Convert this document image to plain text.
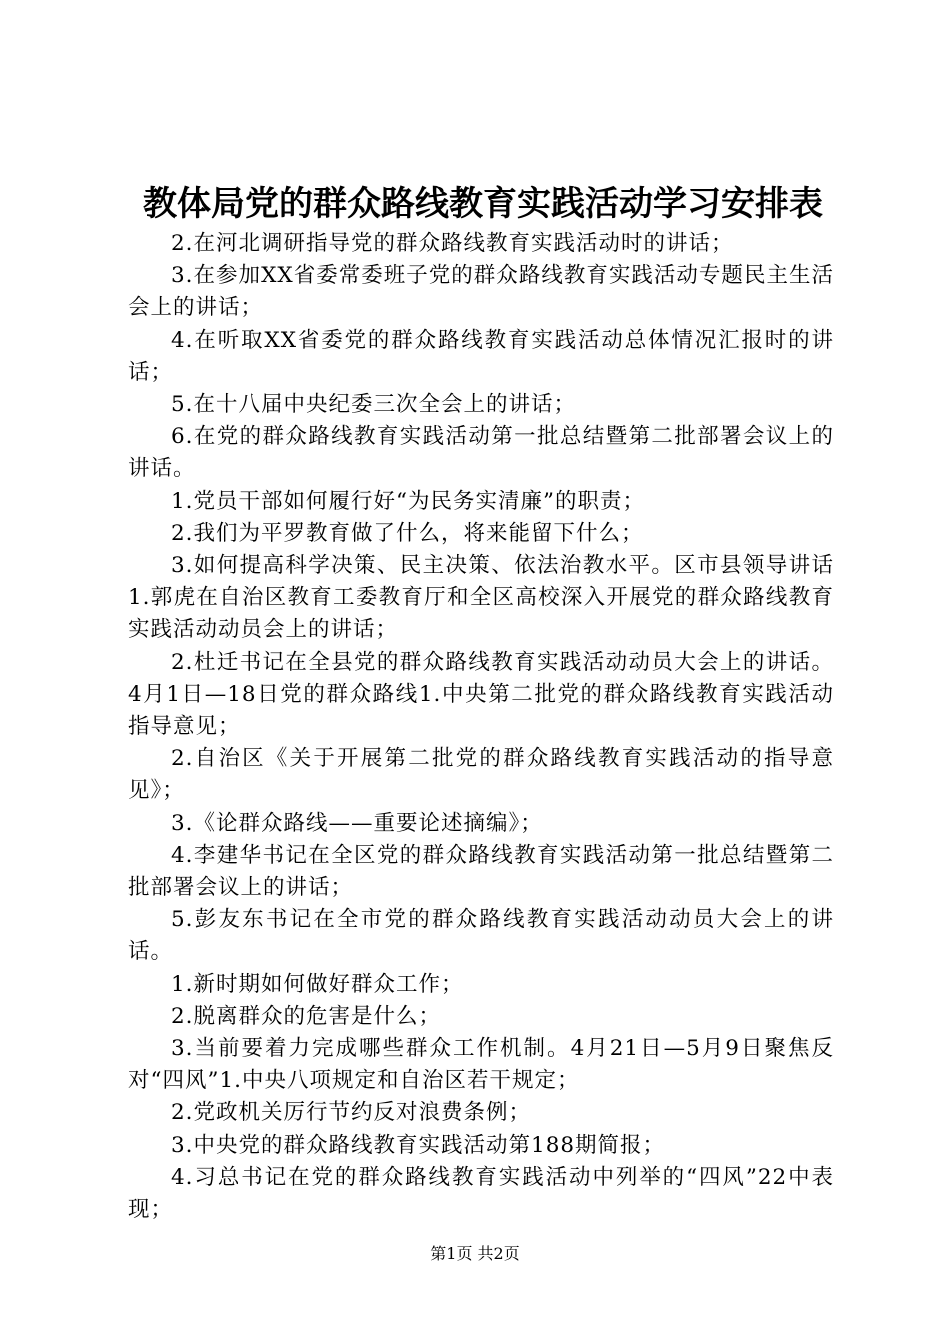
教体局党的群众路线教育实践活动学习安排表

2.在河北调研指导党的群众路线教育实践活动时的讲话；

3.在参加XX省委常委班子党的群众路线教育实践活动专题民主生活会上的讲话；

4.在听取XX省委党的群众路线教育实践活动总体情况汇报时的讲话；

5.在十八届中央纪委三次全会上的讲话；

6.在党的群众路线教育实践活动第一批总结暨第二批部署会议上的讲话。

1.党员干部如何履行好“为民务实清廉”的职责；

2.我们为平罗教育做了什么，将来能留下什么；

3.如何提高科学决策、民主决策、依法治教水平。区市县领导讲话1.郭虎在自治区教育工委教育厅和全区高校深入开展党的群众路线教育实践活动动员会上的讲话；

2.杜迁书记在全县党的群众路线教育实践活动动员大会上的讲话。4月1日—18日党的群众路线1.中央第二批党的群众路线教育实践活动指导意见；

2.自治区《关于开展第二批党的群众路线教育实践活动的指导意见》；

3.《论群众路线——重要论述摘编》；

4.李建华书记在全区党的群众路线教育实践活动第一批总结暨第二批部署会议上的讲话；

5.彭友东书记在全市党的群众路线教育实践活动动员大会上的讲话。

1.新时期如何做好群众工作；

2.脱离群众的危害是什么；

3.当前要着力完成哪些群众工作机制。4月21日—5月9日聚焦反对“四风”1.中央八项规定和自治区若干规定；

2.党政机关厉行节约反对浪费条例；

3.中央党的群众路线教育实践活动第188期简报；

4.习总书记在党的群众路线教育实践活动中列举的“四风”22中表现；

第1页 共2页
